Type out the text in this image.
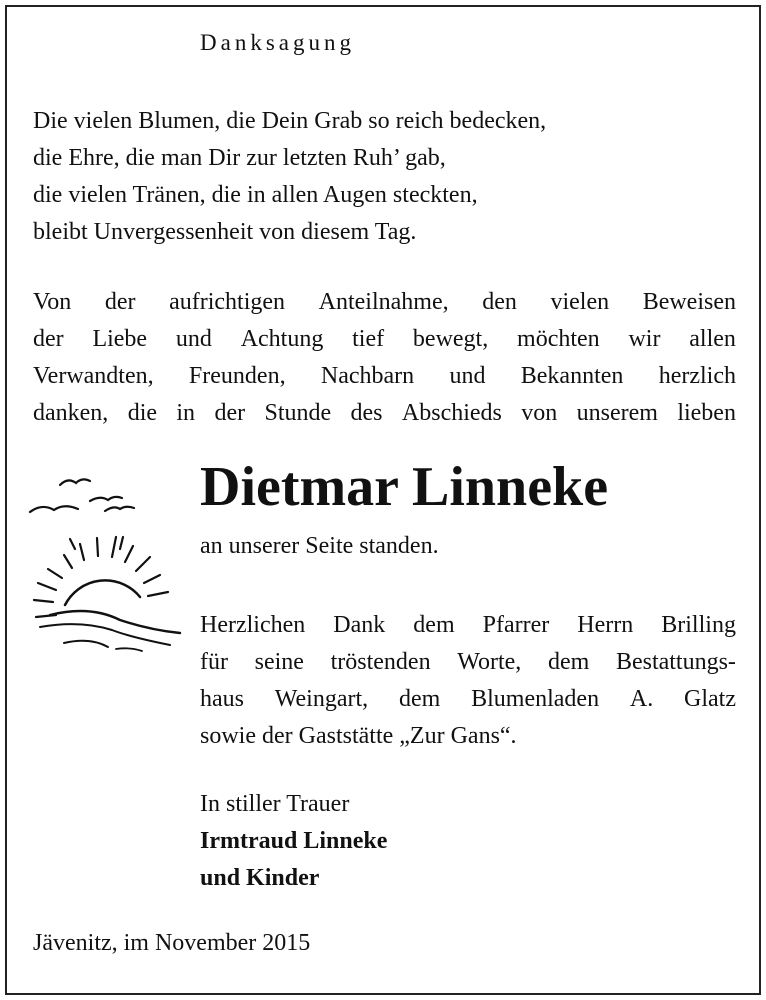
Danksagung
Die vielen Blumen, die Dein Grab so reich bedecken,
die Ehre, die man Dir zur letzten Ruh’ gab,
die vielen Tränen, die in allen Augen steckten,
bleibt Unvergessenheit von diesem Tag.
Von der aufrichtigen Anteilnahme, den vielen Beweisen
der Liebe und Achtung tief bewegt, möchten wir allen
Verwandten, Freunden, Nachbarn und Bekannten herzlich
danken, die in der Stunde des Abschieds von unserem lieben
Dietmar Linneke
an unserer Seite standen.
Herzlichen Dank dem Pfarrer Herrn Brilling
für seine tröstenden Worte, dem Bestattungs-
haus Weingart, dem Blumenladen A. Glatz
sowie der Gaststätte „Zur Gans“.
In stiller Trauer
Irmtraud Linneke
und Kinder
Jävenitz, im November 2015
